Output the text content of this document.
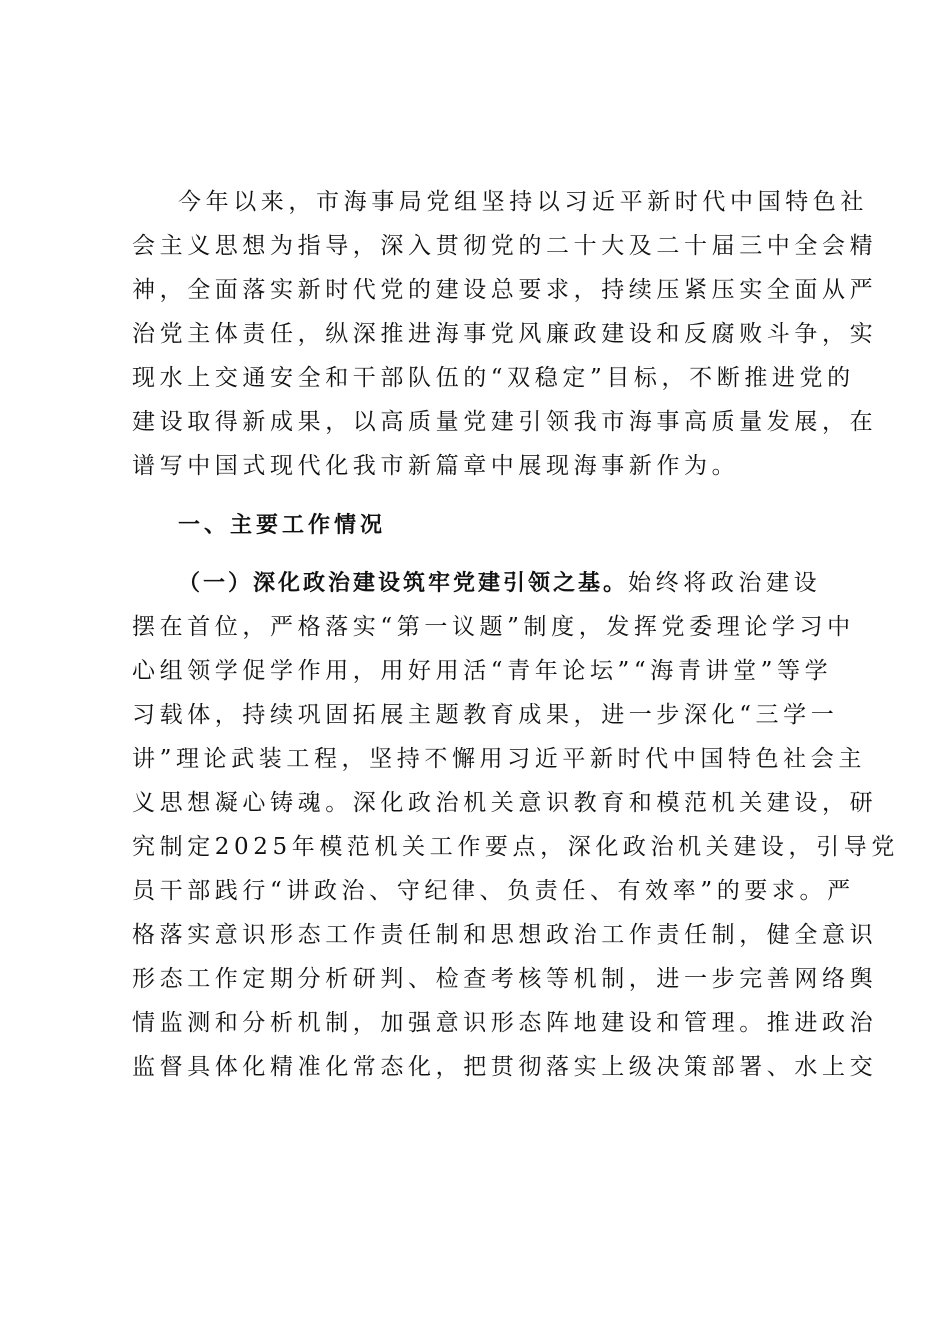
今年以来，市海事局党组坚持以习近平新时代中国特色社
会主义思想为指导，深入贯彻党的二十大及二十届三中全会精
神，全面落实新时代党的建设总要求，持续压紧压实全面从严
治党主体责任，纵深推进海事党风廉政建设和反腐败斗争，实
现水上交通安全和干部队伍的“双稳定”目标，不断推进党的
建设取得新成果，以高质量党建引领我市海事高质量发展，在
谱写中国式现代化我市新篇章中展现海事新作为。
一、主要工作情况
（一）深化政治建设筑牢党建引领之基。始终将政治建设
摆在首位，严格落实“第一议题”制度，发挥党委理论学习中
心组领学促学作用，用好用活“青年论坛”“海青讲堂”等学
习载体，持续巩固拓展主题教育成果，进一步深化“三学一
讲”理论武装工程，坚持不懈用习近平新时代中国特色社会主
义思想凝心铸魂。深化政治机关意识教育和模范机关建设，研
究制定2025年模范机关工作要点，深化政治机关建设，引导党
员干部践行“讲政治、守纪律、负责任、有效率”的要求。严
格落实意识形态工作责任制和思想政治工作责任制，健全意识
形态工作定期分析研判、检查考核等机制，进一步完善网络舆
情监测和分析机制，加强意识形态阵地建设和管理。推进政治
监督具体化精准化常态化，把贯彻落实上级决策部署、水上交
